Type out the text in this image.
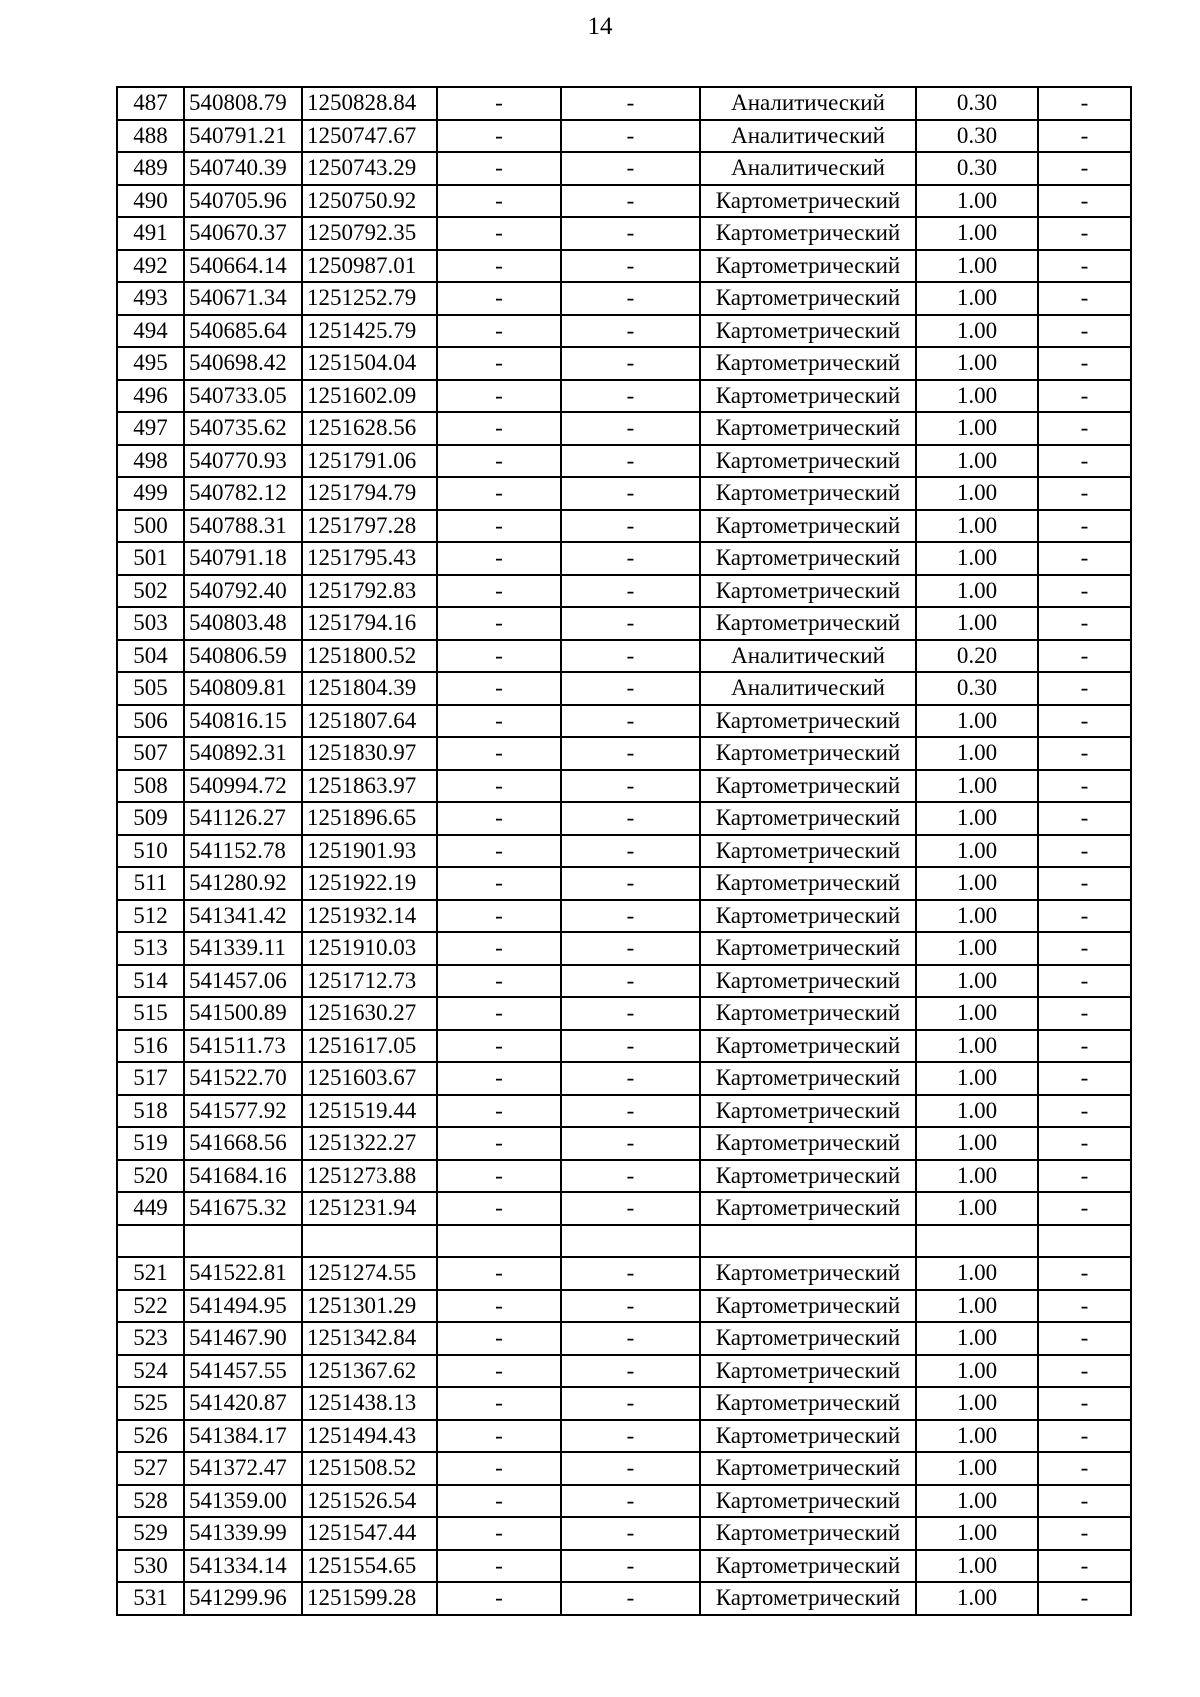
14
487	540808.79	1250828.84	-	-	Аналитический	0.30	-
488	540791.21	1250747.67	-	-	Аналитический	0.30	-
489	540740.39	1250743.29	-	-	Аналитический	0.30	-
490	540705.96	1250750.92	-	-	Картометрический	1.00	-
491	540670.37	1250792.35	-	-	Картометрический	1.00	-
492	540664.14	1250987.01	-	-	Картометрический	1.00	-
493	540671.34	1251252.79	-	-	Картометрический	1.00	-
494	540685.64	1251425.79	-	-	Картометрический	1.00	-
495	540698.42	1251504.04	-	-	Картометрический	1.00	-
496	540733.05	1251602.09	-	-	Картометрический	1.00	-
497	540735.62	1251628.56	-	-	Картометрический	1.00	-
498	540770.93	1251791.06	-	-	Картометрический	1.00	-
499	540782.12	1251794.79	-	-	Картометрический	1.00	-
500	540788.31	1251797.28	-	-	Картометрический	1.00	-
501	540791.18	1251795.43	-	-	Картометрический	1.00	-
502	540792.40	1251792.83	-	-	Картометрический	1.00	-
503	540803.48	1251794.16	-	-	Картометрический	1.00	-
504	540806.59	1251800.52	-	-	Аналитический	0.20	-
505	540809.81	1251804.39	-	-	Аналитический	0.30	-
506	540816.15	1251807.64	-	-	Картометрический	1.00	-
507	540892.31	1251830.97	-	-	Картометрический	1.00	-
508	540994.72	1251863.97	-	-	Картометрический	1.00	-
509	541126.27	1251896.65	-	-	Картометрический	1.00	-
510	541152.78	1251901.93	-	-	Картометрический	1.00	-
511	541280.92	1251922.19	-	-	Картометрический	1.00	-
512	541341.42	1251932.14	-	-	Картометрический	1.00	-
513	541339.11	1251910.03	-	-	Картометрический	1.00	-
514	541457.06	1251712.73	-	-	Картометрический	1.00	-
515	541500.89	1251630.27	-	-	Картометрический	1.00	-
516	541511.73	1251617.05	-	-	Картометрический	1.00	-
517	541522.70	1251603.67	-	-	Картометрический	1.00	-
518	541577.92	1251519.44	-	-	Картометрический	1.00	-
519	541668.56	1251322.27	-	-	Картометрический	1.00	-
520	541684.16	1251273.88	-	-	Картометрический	1.00	-
449	541675.32	1251231.94	-	-	Картометрический	1.00	-

521	541522.81	1251274.55	-	-	Картометрический	1.00	-
522	541494.95	1251301.29	-	-	Картометрический	1.00	-
523	541467.90	1251342.84	-	-	Картометрический	1.00	-
524	541457.55	1251367.62	-	-	Картометрический	1.00	-
525	541420.87	1251438.13	-	-	Картометрический	1.00	-
526	541384.17	1251494.43	-	-	Картометрический	1.00	-
527	541372.47	1251508.52	-	-	Картометрический	1.00	-
528	541359.00	1251526.54	-	-	Картометрический	1.00	-
529	541339.99	1251547.44	-	-	Картометрический	1.00	-
530	541334.14	1251554.65	-	-	Картометрический	1.00	-
531	541299.96	1251599.28	-	-	Картометрический	1.00	-
